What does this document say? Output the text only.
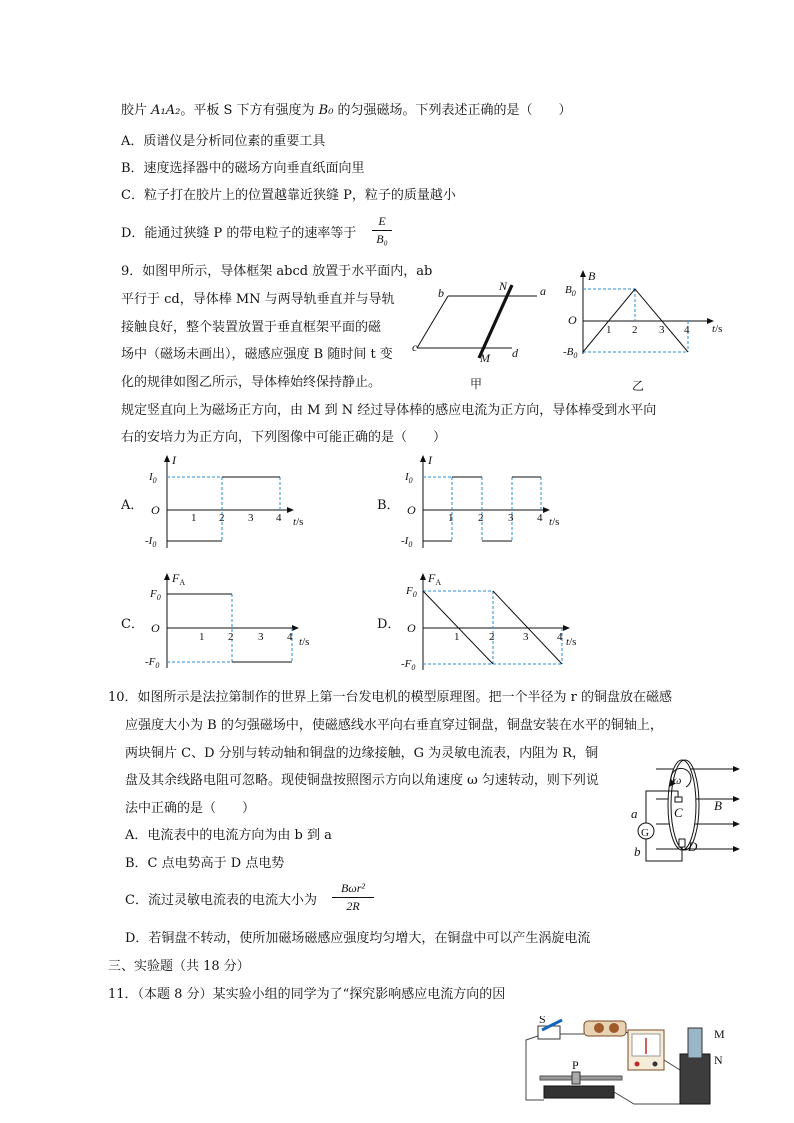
胶片 A₁A₂。平板 S 下方有强度为 B₀ 的匀强磁场。下列表述正确的是（　　）
A．质谱仪是分析同位素的重要工具
B．速度选择器中的磁场方向垂直纸面向里
C．粒子打在胶片上的位置越靠近狭缝 P，粒子的质量越小
D．能通过狭缝 P 的带电粒子的速率等于
E
B₀
9．如图甲所示，导体框架 abcd 放置于水平面内，ab
平行于 cd，导体棒 MN 与两导轨垂直并与导轨
接触良好，整个装置放置于垂直框架平面的磁
场中（磁场未画出），磁感应强度 B 随时间 t 变
化的规律如图乙所示，导体棒始终保持静止。
规定竖直向上为磁场正方向，由 M 到 N 经过导体棒的感应电流为正方向，导体棒受到水平向
右的安培力为正方向，下列图像中可能正确的是（　　）
a
b
c	d
N
M
甲
B
$B_0$
$-B_0$
O
1 2 3 4 t/s
乙
A．	B．
C．	D．
I
$I_0$
$-I_0$
O
1 2 3 4 t/s
I
$I_0$
$-I_0$
O
1 2 3 4 t/s
$F_A$
$F_0$
$-F_0$
O
1 2 3 4 t/s
$F_A$
$F_0$
$-F_0$
O
1	2	3	4 t/s
10．如图所示是法拉第制作的世界上第一台发电机的模型原理图。把一个半径为 r 的铜盘放在磁感
应强度大小为 B 的匀强磁场中，使磁感线水平向右垂直穿过铜盘，铜盘安装在水平的铜轴上，
两块铜片 C、D 分别与转动轴和铜盘的边缘接触，G 为灵敏电流表，内阻为 R，铜
盘及其余线路电阻可忽略。现使铜盘按照图示方向以角速度 ω 匀速转动，则下列说
法中正确的是（　　）
A．电流表中的电流方向为由 b 到 a
B．C 点电势高于 D 点电势
C．流过灵敏电流表的电流大小为
Bωr²
2R
D．若铜盘不转动，使所加磁场磁感应强度均匀增大，在铜盘中可以产生涡旋电流
ω
C
D
B
G
a
b
三、实验题（共 18 分）
11．（本题 8 分）某实验小组的同学为了“探究影响感应电流方向的因
S
P
M
N
